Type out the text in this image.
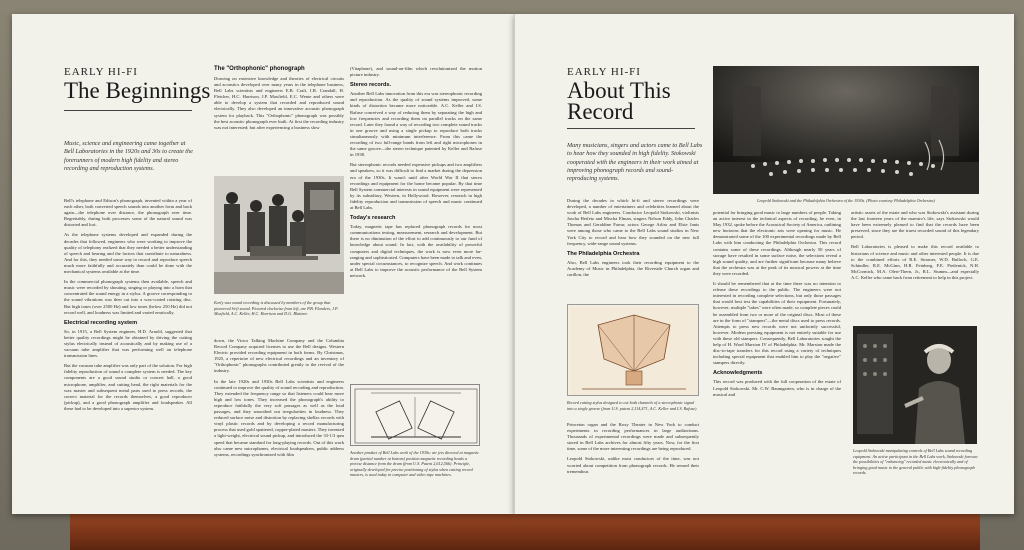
EARLY HI-FI
The Beginnings
Music, science and engineering came together at Bell Laboratories in the 1920s and 30s to create the forerunners of modern high fidelity and stereo recording and reproduction systems.

Bell's telephone and Edison's phonograph, invented within a year of each other, both converted speech sounds into another form and back again—the telephone over distance, the phonograph over time. Regrettably, during both processes some of the natural sound was distorted and lost.

As the telephone systems developed and expanded during the decades that followed, engineers who were working to improve the quality of telephony realized that they needed a better understanding of speech and hearing and the factors that contribute to naturalness. And for this, they needed some way to record and reproduce speech much more faithfully and accurately than could be done with the mechanical systems available at the time.

In the commercial phonograph systems then available, speech and music were recorded by shouting, singing or playing into a horn that concentrated the sound energy in a stylus. A groove corresponding to the sound vibrations was then cut into a wax-coated rotating disc. But high tones (over 2500 Hz) and low tones (below 250 Hz) did not record well, and loudness was limited and varied erratically.

Electrical recording system

So, in 1915, a Bell System engineer, H.D. Arnold, suggested that better quality recordings might be obtained by driving the cutting stylus electrically instead of acoustically and by making use of a vacuum tube amplifier that was performing well on telephone transmission lines.

But the vacuum tube amplifier was only part of the solution. For high fidelity reproduction of sound a complete system is needed. The key components are a good sound studio or concert hall, a good microphone, amplifier, and cutting head, the right materials for the wax master and subsequent metal parts used to press records, the correct material for the records themselves, a good reproducer (pickup), and a good phonograph amplifier and loudspeaker. All these had to be developed into a superior system.

The "Orthophonic" phonograph

Drawing on extensive knowledge and theories of electrical circuits and acoustics developed over many years in the telephone business, Bell Labs scientists and engineers E.B. Craft, I.B. Crandall, H. Fletcher, H.C. Harrison, J.P. Maxfield, E.C. Wente and others were able to develop a system that recorded and reproduced sound electrically. They also developed an innovative acoustic phonograph system for playback. This "Orthophonic" phonograph was possibly the best acoustic phonograph ever built. At first the recording industry was not interested; but after experiencing a business slow

Early wax sound recording is discussed by members of the group that pioneered hi-fi sound. Pictured clockwise from left, are P.B. Flanders, J.P. Maxfield, A.C. Keller, H.C. Harrison and D.G. Blattner.

down, the Victor Talking Machine Company and the Columbia Record Company acquired licenses to use the Bell designs. Western Electric provided recording equipment in both forms. By Christmas, 1925, a repertoire of new electrical recordings and an inventory of "Orthophonic" phonographs contributed greatly to the revival of the industry.

In the late 1920s and 1930s Bell Labs scientists and engineers continued to improve the quality of sound recording and reproduction. They extended the frequency range so that listeners could hear more high and low tones. They increased the phonograph's ability to reproduce faithfully the very soft passages as well as the loud passages, and they smoothed out irregularities in loudness. They reduced surface noise and distortion by replacing shellac records with vinyl plastic records and by developing a record manufacturing process that used gold sputtered, copper-plated masters. They invented a light-weight, electrical sound pickup, and introduced the 33-1/3 rpm speed that became standard for long-playing records. Out of this work also came new microphones, electrical loudspeakers, public address systems, recordings synchronized with film

(Vitaphone), and sound-on-film which revolutionized the motion picture industry.

Stereo records.

Another Bell Labs innovation from this era was stereophonic recording and reproduction. As the quality of sound systems improved, some kinds of distortion became more noticeable. A.C. Keller and I.S. Rafuse conceived a way of reducing them by separating the high and low frequencies and recording them on parallel tracks on the same record. Later they found a way of recording two complete sound tracks in one groove and using a single pickup to reproduce both tracks simultaneously with minimum interference. From this came the recording of two full-range bands from left and right microphones in the same groove—the stereo technique patented by Keller and Rafuse in 1938.

But stereophonic records needed expensive pickups and two amplifiers and speakers, so it was difficult to find a market during the depression era of the 1930s. It wasn't until after World War II that stereo recordings and equipment for the home became popular. By that time Bell System commercial interests in sound equipment were represented by its subsidiary, Western, in Hollywood. However, research in high fidelity reproduction and transmission of speech and music continued at Bell Labs.

Today's research

Today, magnetic tape has replaced phonograph records for most communications testing, measurement, research and development. But there is no diminution of the effort to add continuously to our fund of knowledge about sound. In fact, with the availability of powerful computers and digital techniques, the work is now even more far-ranging and sophisticated. Computers have been made to talk and even, under special circumstances, to recognize speech. And work continues at Bell Labs to improve the acoustic performance of the Bell System network.

Another product of Bell Labs work of the 1930s: air jets directed at magnetic drum (partial number at bottom) position magnetic recording heads a precise distance from the drum (from U.S. Patent 2,612,566). Principle, originally developed for precise positioning of stylus when cutting record masters, is used today in computer and video tape machines.
EARLY HI-FI
About This
Record
Many musicians, singers and actors came to Bell Labs to hear how they sounded in high fidelity. Stokowski cooperated with the engineers in their work aimed at improving phonograph records and sound-reproducing systems.
Leopold Stokowski and the Philadelphia Orchestra of the 1930s. (Photo courtesy Philadelphia Orchestra)

During the decades in which hi-fi and stereo recordings were developed, a number of entertainers and celebrities learned about the work of Bell Labs engineers. Conductor Leopold Stokowski, violinists Jascha Heifetz and Mischa Elman, singers Nelson Eddy, John Charles Thomas and Geraldine Farrar, actors George Arliss and Elsie Janis were among those who came to the Bell Labs sound studios in New York City to record and hear how they sounded on the new full frequency, wide-range sound systems.

The Philadelphia Orchestra

Also, Bell Labs engineers took their recording equipment to the Academy of Music in Philadelphia, the Riverside Church organ and carillon, the

Record cutting stylus designed to cut both channels of a stereophonic signal into a single groove (from U.S. patent 2,114,471, A.C. Keller and I.S. Rafuse).

Princeton organ and the Roxy Theater in New York to conduct experiments in recording performances in large auditoriums. Thousands of experimental recordings were made and subsequently stored in Bell Labs archives for almost fifty years. Now, for the first time, some of the more interesting recordings are being reproduced.

Leopold Stokowski, unlike most conductors of the time, was not worried about competition from phonograph records. He sensed their tremendous

potential for bringing good music to large numbers of people. Taking an active interest in the technical aspects of recording, he even, in May 1932, spoke before the Acoustical Society of America, outlining new horizons that the electronic arts were opening for music. He demonstrated some of the 100 experimental recordings made by Bell Labs with him conducting the Philadelphia Orchestra. This record contains some of these recordings. Although nearly 50 years of storage have resulted in some surface noise, the selections reveal a high sound quality, and are further significant because many believe that the orchestra was at the peak of its musical powers at the time they were recorded.

It should be remembered that at the time there was no intention to release these recordings to the public. The engineers were not interested in recording complete selections, but only those passages that would best test the capabilities of their equipment. Fortunately, however, multiple "takes" were often made, so complete pieces could be assembled from two or more of the original discs. Most of these are in the form of "stampers"—the metal discs used to press records. Attempts to press new records were not uniformly successful, however. Modern pressing equipment is not entirely suitable for use with these old stampers. Consequently, Bell Laboratories sought the help of H. Ward Marston IV of Philadelphia. Mr. Marston made the disc-to-tape transfers for this record using a variety of techniques including special equipment that enabled him to play the "negative" stampers directly.

Acknowledgments

This record was produced with the full cooperation of the estate of Leopold Stokowski. Mr. C.W. Baumgarten, who is in charge of the musical and

artistic assets of the estate and who was Stokowski's assistant during the last fourteen years of the maestro's life, says Stokowski would have been extremely pleased to find that the records have been preserved, since they are the truest recorded sound of this legendary period.

Bell Laboratories is pleased to make this record available to historians of science and music and other interested people. It is due to the combined efforts of R.E. Stromer, W.D. Bulloch, G.E. Schindler, R.E. McGinn, H.R. Feinberg, F.E. Pietlenick, N.H. McCormick, M.A. Olert-Thern, Jr., R.L. Stumm—and especially A.C. Keller who came back from retirement to help in this project.

Leopold Stokowski manipulating controls of Bell Labs sound recording equipment. An active participant in the Bell Labs work, Stokowski foresaw the possibilities of "enhancing" recorded music electronically and of bringing good music to the general public with high-fidelity phonograph records.
